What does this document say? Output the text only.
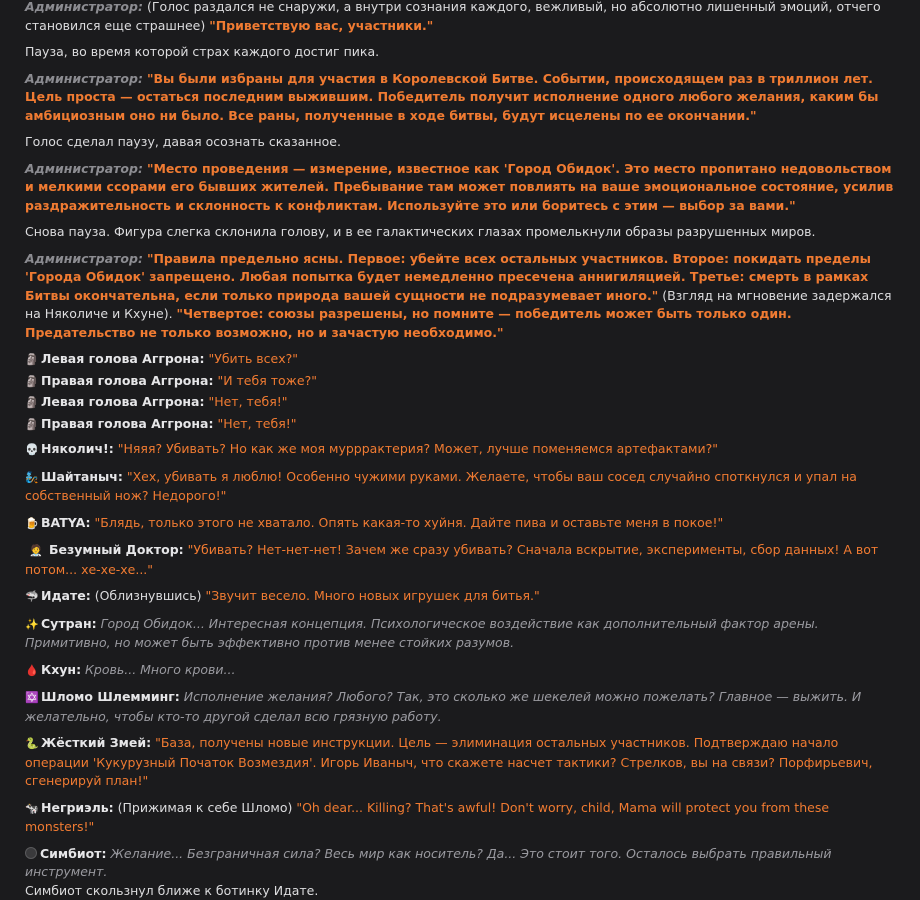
Администратор: (Голос раздался не снаружи, а внутри сознания каждого, вежливый, но абсолютно лишенный эмоций, отчего становился еще страшнее) "Приветствую вас, участники."

Пауза, во время которой страх каждого достиг пика.

Администратор: "Вы были избраны для участия в Королевской Битве. Событии, происходящем раз в триллион лет. Цель проста — остаться последним выжившим. Победитель получит исполнение одного любого желания, каким бы амбициозным оно ни было. Все раны, полученные в ходе битвы, будут исцелены по ее окончании."

Голос сделал паузу, давая осознать сказанное.

Администратор: "Место проведения — измерение, известное как 'Город Обидок'. Это место пропитано недовольством и мелкими ссорами его бывших жителей. Пребывание там может повлиять на ваше эмоциональное состояние, усилив раздражительность и склонность к конфликтам. Используйте это или боритесь с этим — выбор за вами."

Снова пауза. Фигура слегка склонила голову, и в ее галактических глазах промелькнули образы разрушенных миров.

Администратор: "Правила предельно ясны. Первое: убейте всех остальных участников. Второе: покидать пределы 'Города Обидок' запрещено. Любая попытка будет немедленно пресечена аннигиляцией. Третье: смерть в рамках Битвы окончательна, если только природа вашей сущности не подразумевает иного." (Взгляд на мгновение задержался на Няколиче и Кхуне). "Четвертое: союзы разрешены, но помните — победитель может быть только один. Предательство не только возможно, но и зачастую необходимо."

🗿 Левая голова Аггрона: "Убить всех?"
🗿 Правая голова Аггрона: "И тебя тоже?"
🗿 Левая голова Аггрона: "Нет, тебя!"
🗿 Правая голова Аггрона: "Нет, тебя!"

💀 Няколич!: "Няяя? Убивать? Но как же моя мурррактерия? Может, лучше поменяемся артефактами?"

🧞 Шайтаныч: "Хех, убивать я люблю! Особенно чужими руками. Желаете, чтобы ваш сосед случайно споткнулся и упал на собственный нож? Недорого!"

🍺 BATYA: "Блядь, только этого не хватало. Опять какая-то хуйня. Дайте пива и оставьте меня в покое!"

🧑‍⚕️ Безумный Доктор: "Убивать? Нет-нет-нет! Зачем же сразу убивать? Сначала вскрытие, эксперименты, сбор данных! А вот потом... хе-хе-хе..."

🦈 Идате: (Облизнувшись) "Звучит весело. Много новых игрушек для битья."

✨ Сутран: Город Обидок... Интересная концепция. Психологическое воздействие как дополнительный фактор арены. Примитивно, но может быть эффективно против менее стойких разумов.

🩸 Кхун: Кровь... Много крови...

✡️ Шломо Шлемминг: Исполнение желания? Любого? Так, это сколько же шекелей можно пожелать? Главное — выжить. И желательно, чтобы кто-то другой сделал всю грязную работу.

🐍 Жёсткий Змей: "База, получены новые инструкции. Цель — элиминация остальных участников. Подтверждаю начало операции 'Кукурузный Початок Возмездия'. Игорь Иваныч, что скажете насчет тактики? Стрелков, вы на связи? Порфирьевич, сгенерируй план!"

🐄 Негриэль: (Прижимая к себе Шломо) "Oh dear... Killing? That's awful! Don't worry, child, Mama will protect you from these monsters!"

Симбиот: Желание... Безграничная сила? Весь мир как носитель? Да... Это стоит того. Осталось выбрать правильный инструмент.
Симбиот скользнул ближе к ботинку Идате.
